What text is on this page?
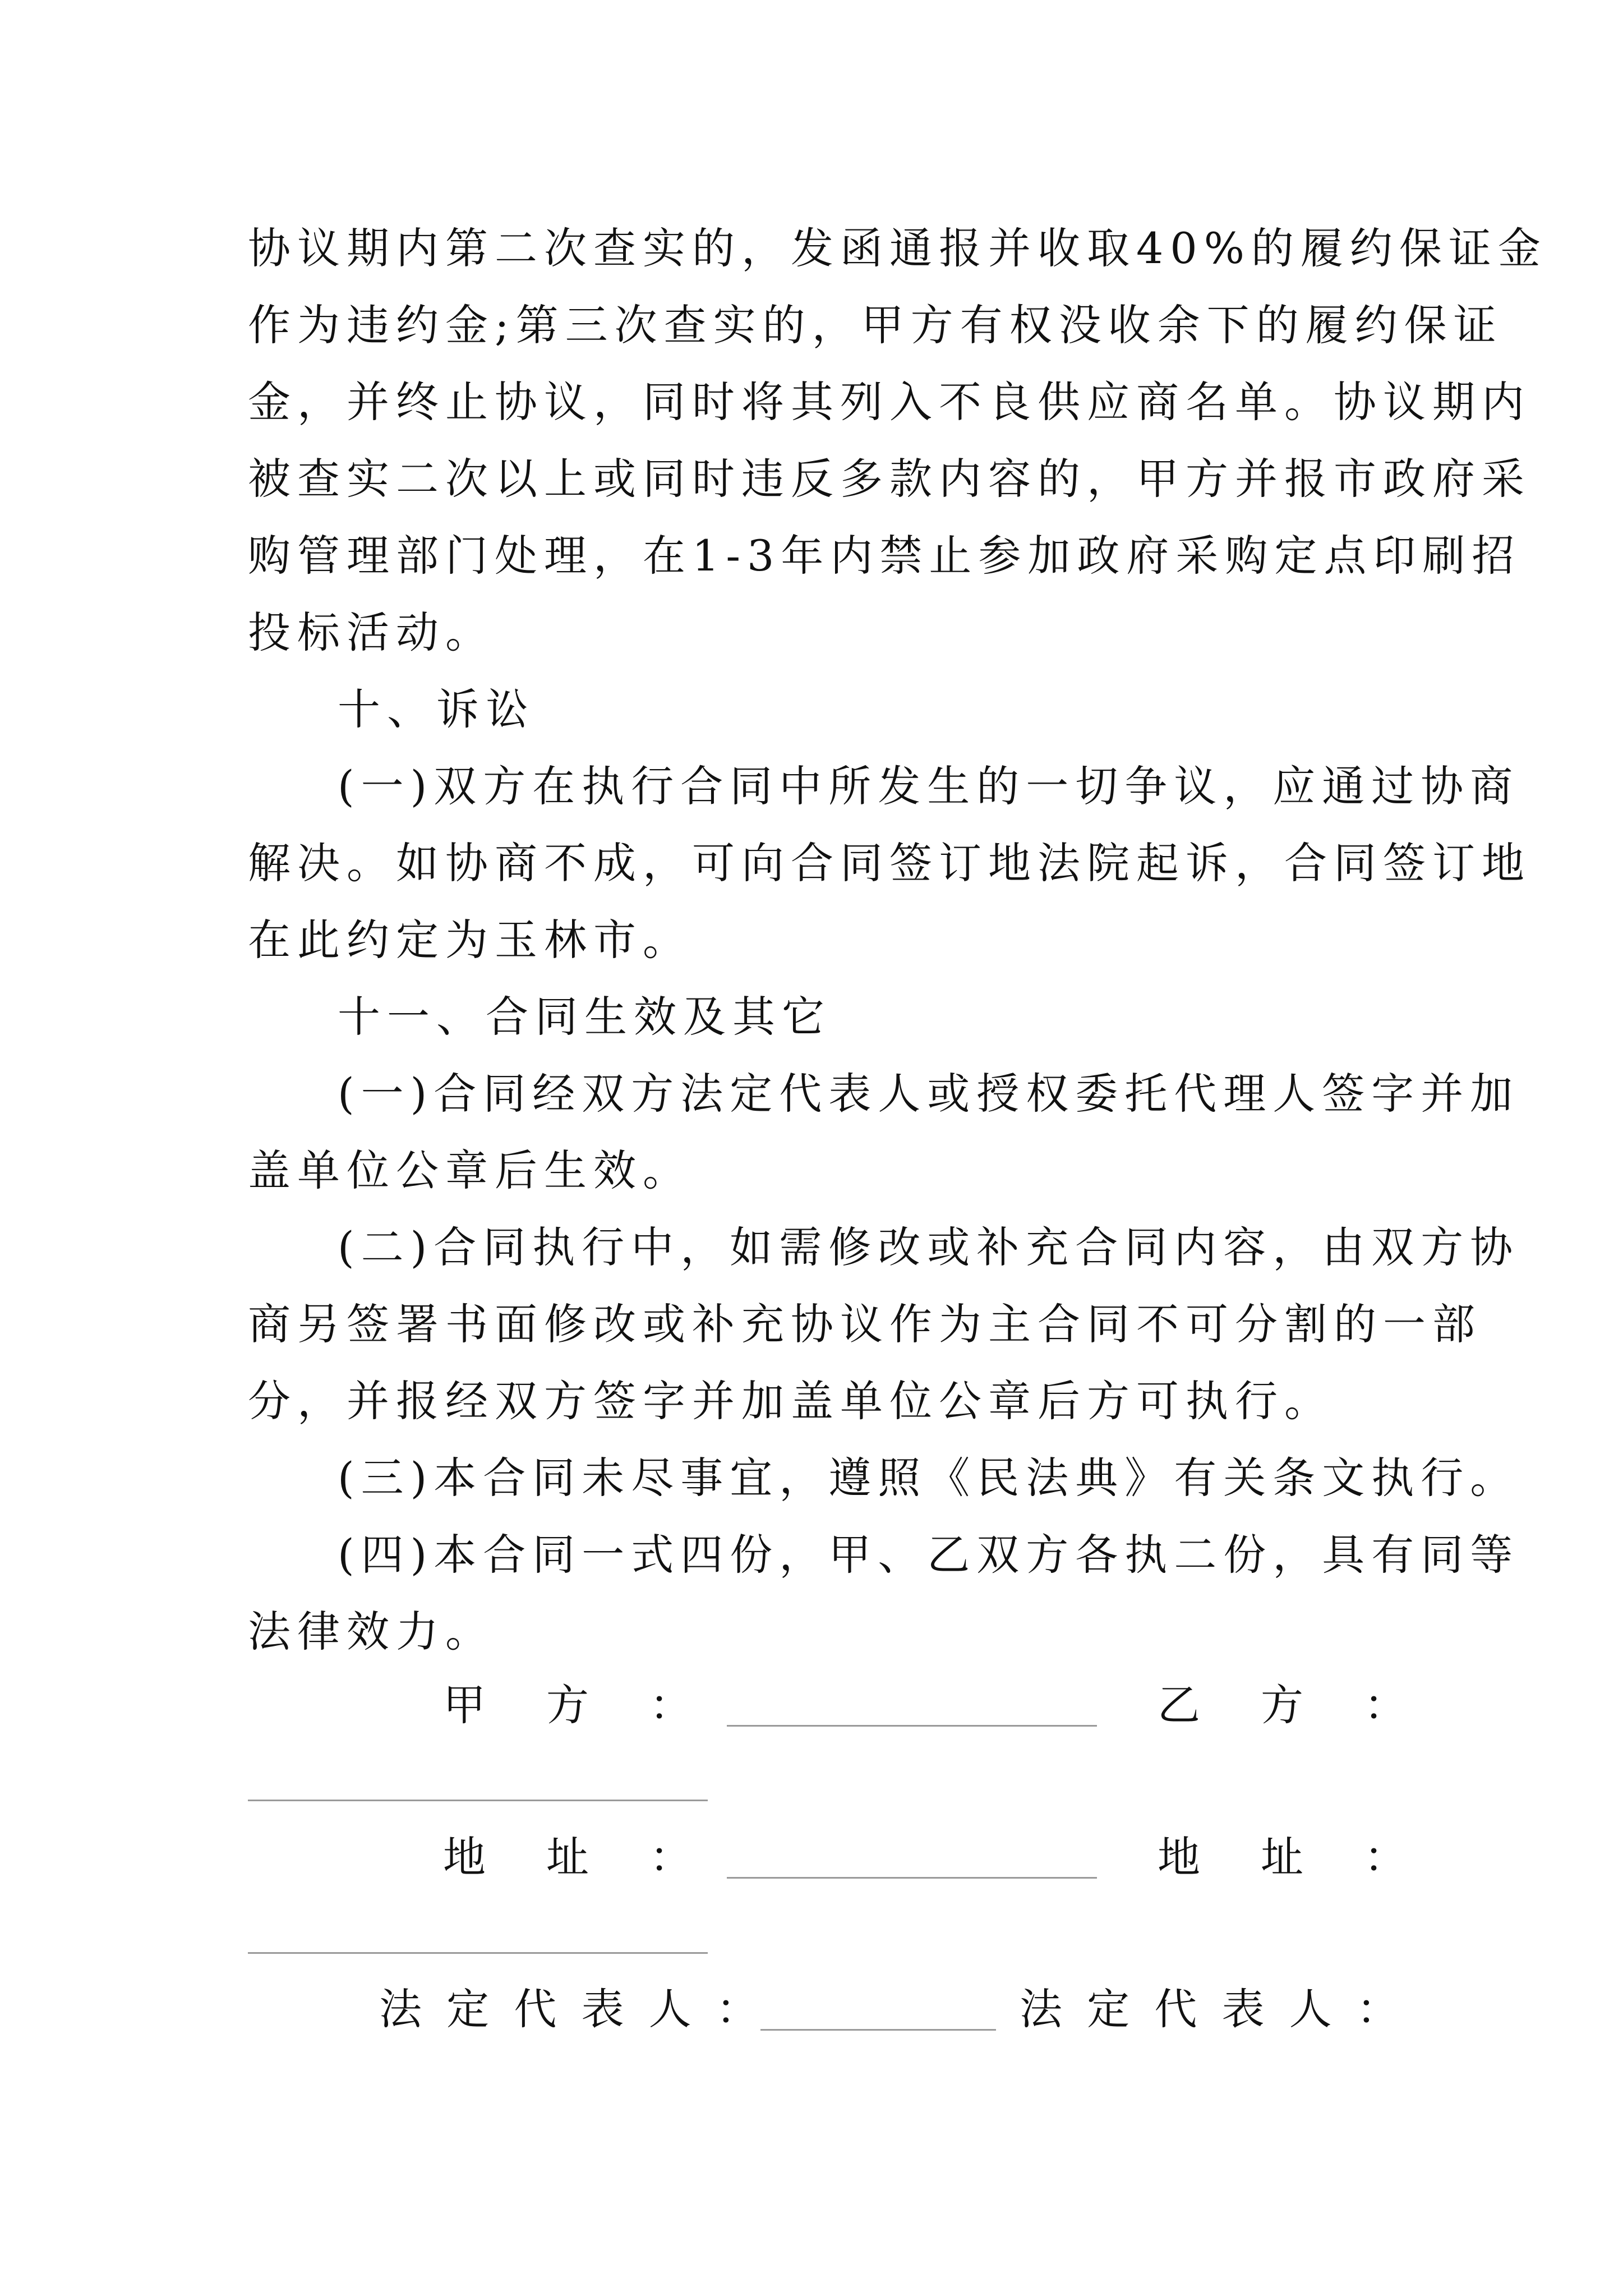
协议期内第二次查实的，发函通报并收取40%的履约保证金
作为违约金;第三次查实的，甲方有权没收余下的履约保证
金，并终止协议，同时将其列入不良供应商名单。协议期内
被查实二次以上或同时违反多款内容的，甲方并报市政府采
购管理部门处理，在1-3年内禁止参加政府采购定点印刷招
投标活动。
十、诉讼
(一)双方在执行合同中所发生的一切争议，应通过协商
解决。如协商不成，可向合同签订地法院起诉，合同签订地
在此约定为玉林市。
十一、合同生效及其它
(一)合同经双方法定代表人或授权委托代理人签字并加
盖单位公章后生效。
(二)合同执行中，如需修改或补充合同内容，由双方协
商另签署书面修改或补充协议作为主合同不可分割的一部
分，并报经双方签字并加盖单位公章后方可执行。
(三)本合同未尽事宜，遵照《民法典》有关条文执行。
(四)本合同一式四份，甲、乙双方各执二份，具有同等
法律效力。
甲　方　：	乙　方　：
地　址　：	地　址　：
法 定 代 表 人 ：	法 定 代 表 人 ：
